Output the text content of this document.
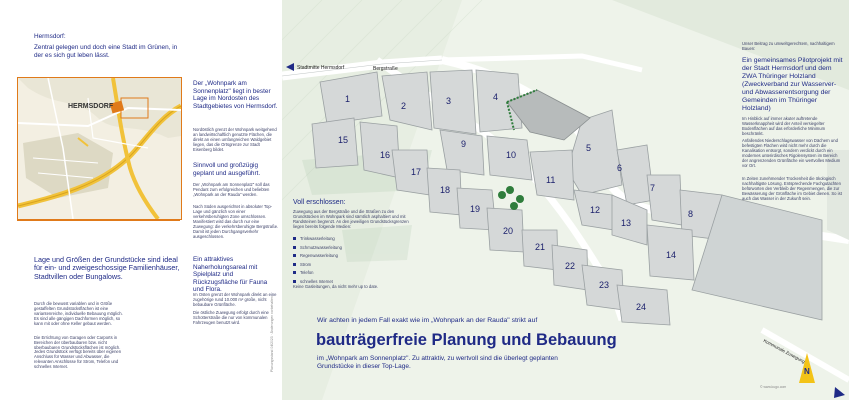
Hermsdorf:
Zentral gelegen und doch eine Stadt im Grünen, in der es sich gut leben lässt.
HERMSDORF
Lage und Größen der Grundstücke sind ideal für ein- und zweigeschossige Familienhäuser, Stadtvillen oder Bungalows.
Durch die bewusst variablen und in Größe gestaffelten Grundstücksflächen ist eine variantenreiche, individuelle Bebauung möglich. Es sind alle gängigen Dachformen möglich, so kann mit oder ohne Keller gebaut werden.
Die Errichtung von Garagen oder Carports in Bereichen der überbaubaren bzw. nicht überbaubaren Grundstücksflächen ist möglich.
Jedes Grundstück verfügt bereits über eigenen Anschluss für Wasser und Abwasser, die relevanten Anschlüsse für Strom, Telefon und schnelles Internet.
Der „Wohnpark am Sonnenplatz" liegt in bester Lage im Nordosten des Stadtgebietes von Hermsdorf.
Nordöstlich grenzt der Wohnpark weitgehend an landwirtschaftlich genutzte Flächen, die direkt an einen umfangreichen Waldgebiet liegen, das die Ortsgrenze zur Stadt Eisenberg bildet.
Sinnvoll und großzügig geplant und ausgeführt.
Der „Wohnpark am Sonnenplatz" soll das Pendant zum erfolgreichen und beliebten „Wohnpark an der Rauda" werden.
Nach Süden ausgerichtet in absoluter Top-Lage und gänzlich von einer verkehrsberuhigten Zone umschlossen. Manifestiert wird das durch nur eine Zuwegung: die verkehrsberuhigte Bergstraße. Damit ist jeden Durchgangsverkehr ausgeschlossen.
Ein attraktives Naherholungsareal mit Spielplatz und Rückzugsfläche für Fauna und Flora.
Im Osten grenzt der Wohnpark direkt an eine zugehörige rund 10.000 m² große, nicht bebaubare Grünfläche.
Die östliche Zuwegung erfolgt durch eine Schotterstraße die nur von kommunalen Fahrzeugen benutzt wird.	Planungsstand 04/2023 · Änderungen vorbehalten
1
2	3	4
5
6
7
8
9
10
11
12
13
14
15
16
17
18
19
20
21
22
23
24
Stadtmitte Hermsdorf	Bergstraße
Kommunale Zuwegung
Voll erschlossen:
Zuwegung aus der Bergstraße und die Straßen zu den Grundstücken im Wohnpark sind sämtlich asphaltiert und mit Randsteinen begrenzt. An den jeweiligen Grundstücksgrenzen liegen bereits folgende Medien:
Trinkwasserleitung
Schmutzwasserleitung
Regenwasserleitung
Strom
Telefon
schnelles Internet
Keine Gasleitungen, da nicht mehr up to date.
Unser Beitrag zu umweltgerechtem, nachhaltigem Bauen:
Ein gemeinsames Pilotprojekt mit der Stadt Hermsdorf und dem ZWA Thüringer Holzland (Zweckverband zur Wasserver- und Abwasserentsorgung der Gemeinden im Thüringer Holzland)
Im Hinblick auf immer akuter auftretende Wasserknappheit wird der Anteil versiegelter Bodenflächen auf das erforderliche Minimum beschränkt.
Anfallendes Niederschlagswasser von Dächern und befestigten Flächen wird nicht mehr durch die Kanalisation entsorgt, sondern verdickt durch ein modernes unterirdisches Rigolensystem im Bereich der angrenzenden Grünfläche ein wertvolles Medium vor Ort.
In Zeiten zunehmender Trockenheit die ökologisch nachhaltigste Lösung. Entsprechende Fachgutachten befürworten den Verbleib der Regenmengen, die zur Bewässerung der Grünfläche im Gebiet dienen. So ist auch das Wasser in der Zukunft sein.
Wir achten in jedem Fall exakt wie im „Wohnpark an der Rauda" strikt auf
im „Wohnpark am Sonnenplatz". Zu attraktiv, zu wertvoll sind die überlegt geplanten Grundstücke in dieser Top-Lage.
© www.kugo.com
bauträgerfreie Planung und Bebauung
N
